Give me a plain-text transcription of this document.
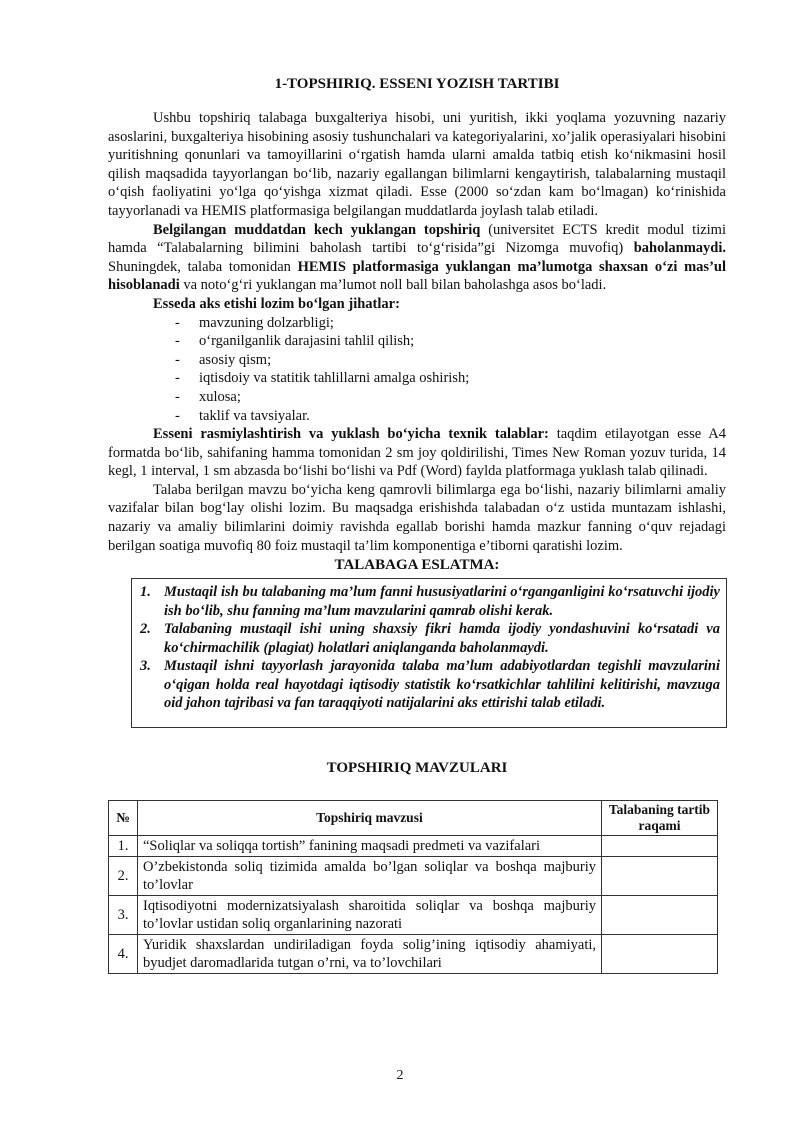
1-TOPSHIRIQ. ESSENI YOZISH TARTIBI

Ushbu topshiriq talabaga buxgalteriya hisobi, uni yuritish, ikki yoqlama yozuvning nazariy asoslarini, buxgalteriya hisobining asosiy tushunchalari va kategoriyalarini, xo’jalik operasiyalari hisobini yuritishning qonunlari va tamoyillarini o‘rgatish hamda ularni amalda tatbiq etish ko‘nikmasini hosil qilish maqsadida tayyorlangan bo‘lib, nazariy egallangan bilimlarni kengaytirish, talabalarning mustaqil o‘qish faoliyatini yo‘lga qo‘yishga xizmat qiladi. Esse (2000 so‘zdan kam bo‘lmagan) ko‘rinishida tayyorlanadi va HEMIS platformasiga belgilangan muddatlarda joylash talab etiladi.

Belgilangan muddatdan kech yuklangan topshiriq (universitet ECTS kredit modul tizimi hamda “Talabalarning bilimini baholash tartibi to‘g‘risida”gi Nizomga muvofiq) baholanmaydi. Shuningdek, talaba tomonidan HEMIS platformasiga yuklangan ma’lumotga shaxsan o‘zi mas’ul hisoblanadi va noto‘g‘ri yuklangan ma’lumot noll ball bilan baholashga asos bo‘ladi.

Esseda aks etishi lozim bo‘lgan jihatlar:

- mavzuning dolzarbligi;
- o‘rganilganlik darajasini tahlil qilish;
- asosiy qism;
- iqtisdoiy va statitik tahlillarni amalga oshirish;
- xulosa;
- taklif va tavsiyalar.

Esseni rasmiylashtirish va yuklash bo‘yicha texnik talablar: taqdim etilayotgan esse A4 formatda bo‘lib, sahifaning hamma tomonidan 2 sm joy qoldirilishi, Times New Roman yozuv turida, 14 kegl, 1 interval, 1 sm abzasda bo‘lishi bo‘lishi va Pdf (Word) faylda platformaga yuklash talab qilinadi.

Talaba berilgan mavzu bo‘yicha keng qamrovli bilimlarga ega bo‘lishi, nazariy bilimlarni amaliy vazifalar bilan bog‘lay olishi lozim. Bu maqsadga erishishda talabadan o‘z ustida muntazam ishlashi, nazariy va amaliy bilimlarini doimiy ravishda egallab borishi hamda mazkur fanning o‘quv rejadagi berilgan soatiga muvofiq 80 foiz mustaqil ta’lim komponentiga e’tiborni qaratishi lozim.

TALABAGA ESLATMA:
1. Mustaqil ish bu talabaning ma’lum fanni hususiyatlarini o‘rganganligini ko‘rsatuvchi ijodiy ish bo‘lib, shu fanning ma’lum mavzularini qamrab olishi kerak.
2. Talabaning mustaqil ishi uning shaxsiy fikri hamda ijodiy yondashuvini ko‘rsatadi va ko‘chirmachilik (plagiat) holatlari aniqlanganda baholanmaydi.
3. Mustaqil ishni tayyorlash jarayonida talaba ma’lum adabiyotlardan tegishli mavzularini o‘qigan holda real hayotdagi iqtisodiy statistik ko‘rsatkichlar tahlilini kelitirishi, mavzuga oid jahon tajribasi va fan taraqqiyoti natijalarini aks ettirishi talab etiladi.
TOPSHIRIQ MAVZULARI
№	Topshiriq mavzusi	Talabaning tartib raqami
1.	“Soliqlar va soliqqa tortish” fanining maqsadi predmeti va vazifalari	
2.	O’zbekistonda soliq tizimida amalda bo’lgan soliqlar va boshqa majburiy to’lovlar	
3.	Iqtisodiyotni modernizatsiyalash sharoitida soliqlar va boshqa majburiy to’lovlar ustidan soliq organlarining nazorati	
4.	Yuridik shaxslardan undiriladigan foyda solig’ining iqtisodiy ahamiyati, byudjet daromadlarida tutgan o’rni, va to’lovchilari	
2
